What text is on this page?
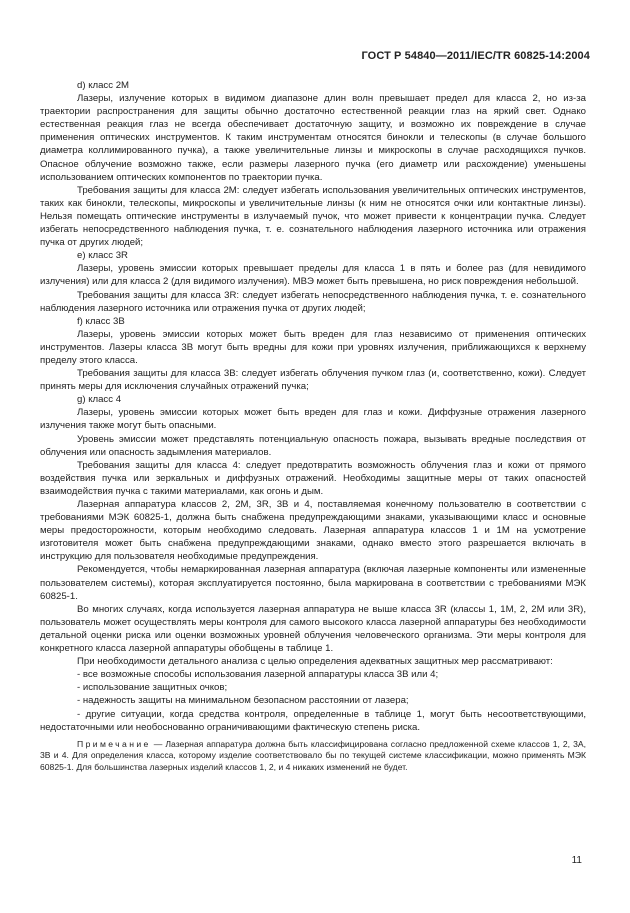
ГОСТ Р 54840—2011/IEC/TR 60825-14:2004

d) класс 2M

Лазеры, излучение которых в видимом диапазоне длин волн превышает предел для класса 2, но из-за траектории распространения для защиты обычно достаточно естественной реакции глаз на яркий свет. Однако естественная реакция глаз не всегда обеспечивает достаточную защиту, и возможно их повреждение в случае применения оптических инструментов. К таким инструментам относятся бинокли и телескопы (в случае большого диаметра коллимированного пучка), а также увеличительные линзы и микроскопы в случае расходящихся пучков. Опасное облучение возможно также, если размеры лазерного пучка (его диаметр или расхождение) уменьшены использованием оптических компонентов по траектории пучка.

Требования защиты для класса 2M: следует избегать использования увеличительных оптических инструментов, таких как бинокли, телескопы, микроскопы и увеличительные линзы (к ним не относятся очки или контактные линзы). Нельзя помещать оптические инструменты в излучаемый пучок, что может привести к концентрации пучка. Следует избегать непосредственного наблюдения пучка, т. е. сознательного наблюдения лазерного источника или отражения пучка от других людей;

e) класс 3R

Лазеры, уровень эмиссии которых превышает пределы для класса 1 в пять и более раз (для невидимого излучения) или для класса 2 (для видимого излучения). МВЭ может быть превышена, но риск повреждения небольшой.

Требования защиты для класса 3R: следует избегать непосредственного наблюдения пучка, т. е. сознательного наблюдения лазерного источника или отражения пучка от других людей;

f) класс 3B

Лазеры, уровень эмиссии которых может быть вреден для глаз независимо от применения оптических инструментов. Лазеры класса 3B могут быть вредны для кожи при уровнях излучения, приближающихся к верхнему пределу этого класса.

Требования защиты для класса 3B: следует избегать облучения пучком глаз (и, соответственно, кожи). Следует принять меры для исключения случайных отражений пучка;

g) класс 4

Лазеры, уровень эмиссии которых может быть вреден для глаз и кожи. Диффузные отражения лазерного излучения также могут быть опасными.

Уровень эмиссии может представлять потенциальную опасность пожара, вызывать вредные последствия от облучения или опасность задымления материалов.

Требования защиты для класса 4: следует предотвратить возможность облучения глаз и кожи от прямого воздействия пучка или зеркальных и диффузных отражений. Необходимы защитные меры от таких опасностей взаимодействия пучка с такими материалами, как огонь и дым.

Лазерная аппаратура классов 2, 2M, 3R, 3B и 4, поставляемая конечному пользователю в соответствии с требованиями МЭК 60825-1, должна быть снабжена предупреждающими знаками, указывающими класс и основные меры предосторожности, которым необходимо следовать. Лазерная аппаратура классов 1 и 1M на усмотрение изготовителя может быть снабжена предупреждающими знаками, однако вместо этого разрешается включать в инструкцию для пользователя необходимые предупреждения.

Рекомендуется, чтобы немаркированная лазерная аппаратура (включая лазерные компоненты или измененные пользователем системы), которая эксплуатируется постоянно, была маркирована в соответствии с требованиями МЭК 60825-1.

Во многих случаях, когда используется лазерная аппаратура не выше класса 3R (классы 1, 1M, 2, 2M или 3R), пользователь может осуществлять меры контроля для самого высокого класса лазерной аппаратуры без необходимости детальной оценки риска или оценки возможных уровней облучения человеческого организма. Эти меры контроля для конкретного класса лазерной аппаратуры обобщены в таблице 1.

При необходимости детального анализа с целью определения адекватных защитных мер рассматривают:

- все возможные способы использования лазерной аппаратуры класса 3B или 4;

- использование защитных очков;

- надежность защиты на минимальном безопасном расстоянии от лазера;

- другие ситуации, когда средства контроля, определенные в таблице 1, могут быть несоответствующими, недостаточными или необоснованно ограничивающими фактическую степень риска.

Примечание — Лазерная аппаратура должна быть классифицирована согласно предложенной схеме классов 1, 2, 3A, 3B и 4. Для определения класса, которому изделие соответствовало бы по текущей системе классификации, можно применять МЭК 60825-1. Для большинства лазерных изделий классов 1, 2, и 4 никаких изменений не будет.

11
